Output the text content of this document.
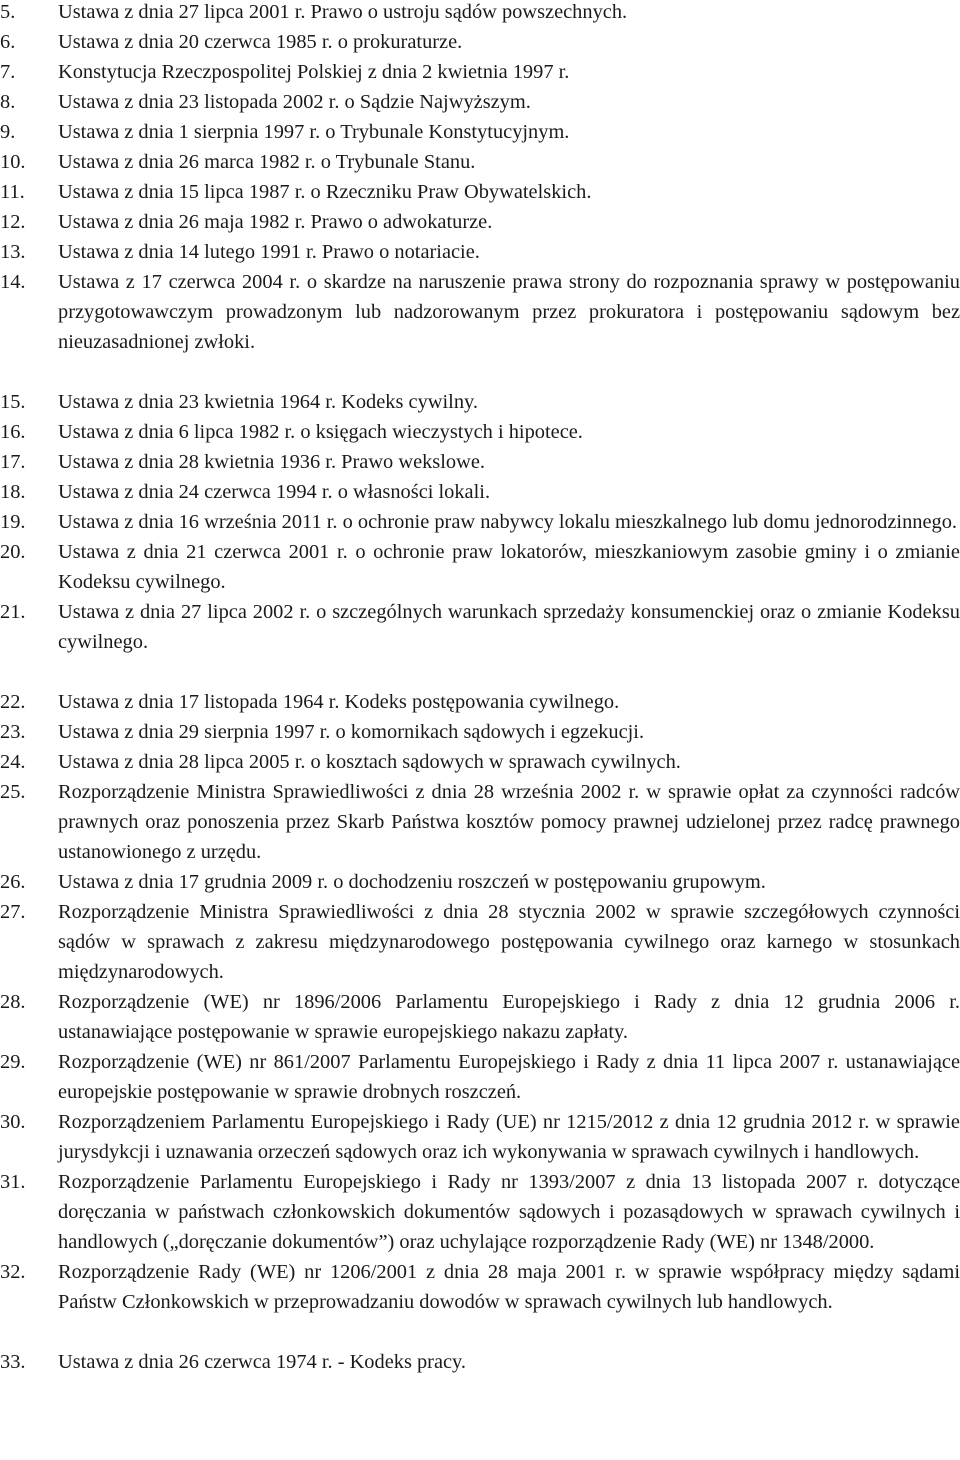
5.	Ustawa z dnia 27 lipca 2001 r. Prawo o ustroju sądów powszechnych.
6.	Ustawa z dnia 20 czerwca 1985 r. o prokuraturze.
7.	Konstytucja Rzeczpospolitej Polskiej z dnia 2 kwietnia 1997 r.
8.	Ustawa z dnia 23 listopada 2002 r. o Sądzie Najwyższym.
9.	Ustawa z dnia 1 sierpnia 1997 r. o Trybunale Konstytucyjnym.
10.	Ustawa z dnia 26 marca 1982 r. o Trybunale Stanu.
11.	Ustawa z dnia 15 lipca 1987 r. o Rzeczniku Praw Obywatelskich.
12.	Ustawa z dnia 26 maja 1982 r. Prawo o adwokaturze.
13.	Ustawa z dnia 14 lutego 1991 r. Prawo o notariacie.
14.	Ustawa z 17 czerwca 2004 r. o skardze na naruszenie prawa strony do rozpoznania sprawy w postępowaniu przygotowawczym prowadzonym lub nadzorowanym przez prokuratora i postępowaniu sądowym bez nieuzasadnionej zwłoki.
15.	Ustawa z dnia 23 kwietnia 1964 r. Kodeks cywilny.
16.	Ustawa z dnia 6 lipca 1982 r. o księgach wieczystych i hipotece.
17.	Ustawa z dnia 28 kwietnia 1936 r. Prawo wekslowe.
18.	Ustawa z dnia 24 czerwca 1994 r. o własności lokali.
19.	Ustawa z dnia 16 września 2011 r. o ochronie praw nabywcy lokalu mieszkalnego lub domu jednorodzinnego.
20.	Ustawa z dnia 21 czerwca 2001 r. o ochronie praw lokatorów, mieszkaniowym zasobie gminy i o zmianie Kodeksu cywilnego.
21.	Ustawa z dnia 27 lipca 2002 r. o szczególnych warunkach sprzedaży konsumenckiej oraz o zmianie Kodeksu cywilnego.
22.	Ustawa z dnia 17 listopada 1964 r. Kodeks postępowania cywilnego.
23.	Ustawa z dnia 29 sierpnia 1997 r. o komornikach sądowych i egzekucji.
24.	Ustawa z dnia 28 lipca 2005 r. o kosztach sądowych w sprawach cywilnych.
25.	Rozporządzenie Ministra Sprawiedliwości z dnia 28 września 2002 r. w sprawie opłat za czynności radców prawnych oraz ponoszenia przez Skarb Państwa kosztów pomocy prawnej udzielonej przez radcę prawnego ustanowionego z urzędu.
26.	Ustawa z dnia 17 grudnia 2009 r. o dochodzeniu roszczeń w postępowaniu grupowym.
27.	Rozporządzenie Ministra Sprawiedliwości z dnia 28 stycznia 2002 w sprawie szczegółowych czynności sądów w sprawach z zakresu międzynarodowego postępowania cywilnego oraz karnego w stosunkach międzynarodowych.
28.	Rozporządzenie (WE) nr 1896/2006 Parlamentu Europejskiego i Rady z dnia 12 grudnia 2006 r. ustanawiające postępowanie w sprawie europejskiego nakazu zapłaty.
29.	Rozporządzenie (WE) nr 861/2007 Parlamentu Europejskiego i Rady z dnia 11 lipca 2007 r. ustanawiające europejskie postępowanie w sprawie drobnych roszczeń.
30.	Rozporządzeniem Parlamentu Europejskiego i Rady (UE) nr 1215/2012 z dnia 12 grudnia 2012 r. w sprawie jurysdykcji i uznawania orzeczeń sądowych oraz ich wykonywania w sprawach cywilnych i handlowych.
31.	Rozporządzenie Parlamentu Europejskiego i Rady nr 1393/2007 z dnia 13 listopada 2007 r. dotyczące doręczania w państwach członkowskich dokumentów sądowych i pozasądowych w sprawach cywilnych i handlowych („doręczanie dokumentów”) oraz uchylające rozporządzenie Rady (WE) nr 1348/2000.
32.	Rozporządzenie Rady (WE) nr 1206/2001 z dnia 28 maja 2001 r. w sprawie współpracy między sądami Państw Członkowskich w przeprowadzaniu dowodów w sprawach cywilnych lub handlowych.
33.	Ustawa z dnia 26 czerwca 1974 r. - Kodeks pracy.
